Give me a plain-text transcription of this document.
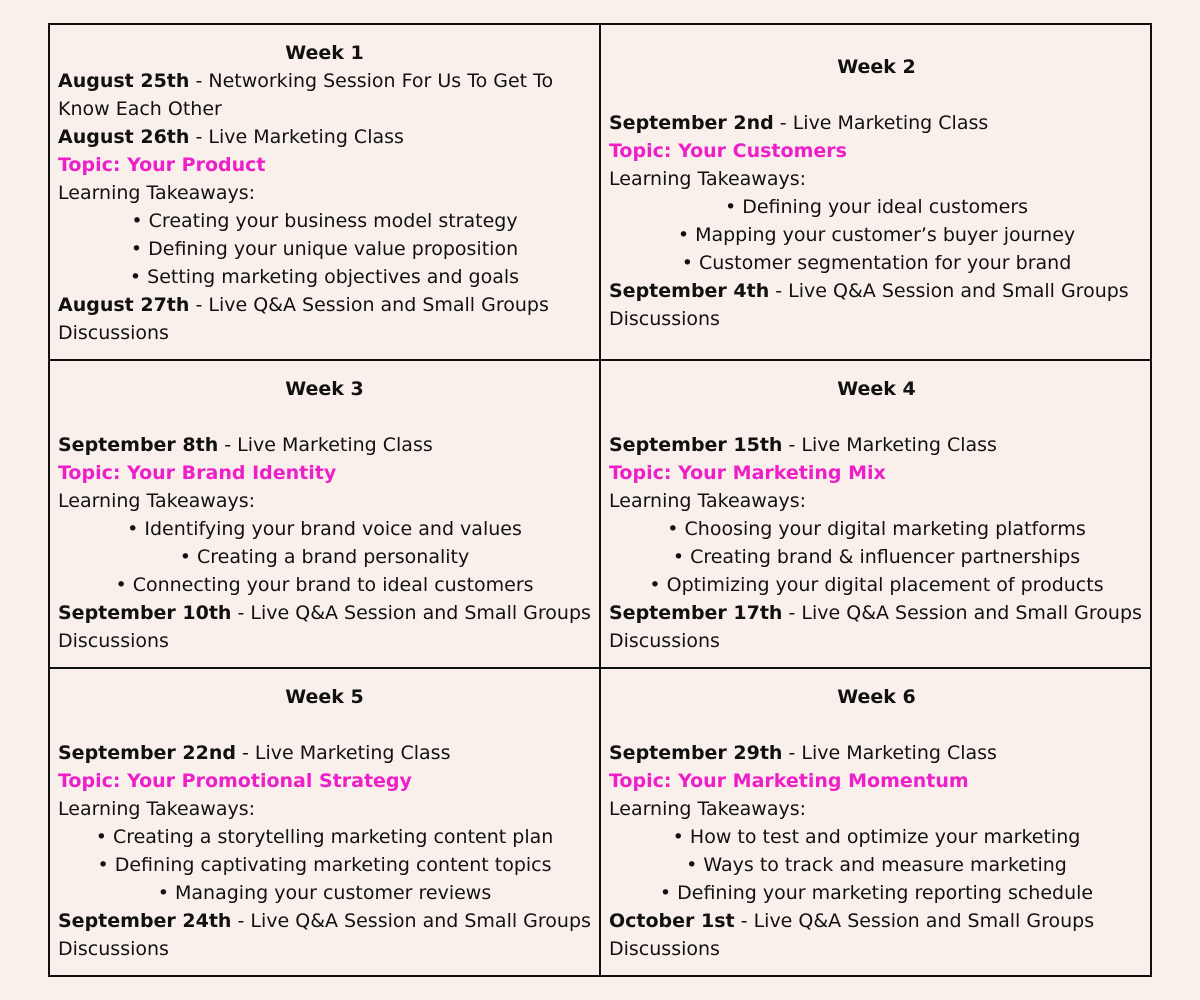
Week 1
August 25th - Networking Session For Us To Get To Know Each Other
August 26th - Live Marketing Class
Topic: Your Product
Learning Takeaways:
• Creating your business model strategy
• Defining your unique value proposition
• Setting marketing objectives and goals
August 27th - Live Q&A Session and Small Groups Discussions
Week 2
September 2nd - Live Marketing Class
Topic: Your Customers
Learning Takeaways:
• Defining your ideal customers
• Mapping your customer’s buyer journey
• Customer segmentation for your brand
September 4th - Live Q&A Session and Small Groups Discussions
Week 3
September 8th - Live Marketing Class
Topic: Your Brand Identity
Learning Takeaways:
• Identifying your brand voice and values
• Creating a brand personality
• Connecting your brand to ideal customers
September 10th - Live Q&A Session and Small Groups Discussions
Week 4
September 15th - Live Marketing Class
Topic: Your Marketing Mix
Learning Takeaways:
• Choosing your digital marketing platforms
• Creating brand & influencer partnerships
• Optimizing your digital placement of products
September 17th - Live Q&A Session and Small Groups Discussions
Week 5
September 22nd - Live Marketing Class
Topic: Your Promotional Strategy
Learning Takeaways:
• Creating a storytelling marketing content plan
• Defining captivating marketing content topics
• Managing your customer reviews
September 24th - Live Q&A Session and Small Groups Discussions
Week 6
September 29th - Live Marketing Class
Topic: Your Marketing Momentum
Learning Takeaways:
• How to test and optimize your marketing
• Ways to track and measure marketing
• Defining your marketing reporting schedule
October 1st - Live Q&A Session and Small Groups Discussions
